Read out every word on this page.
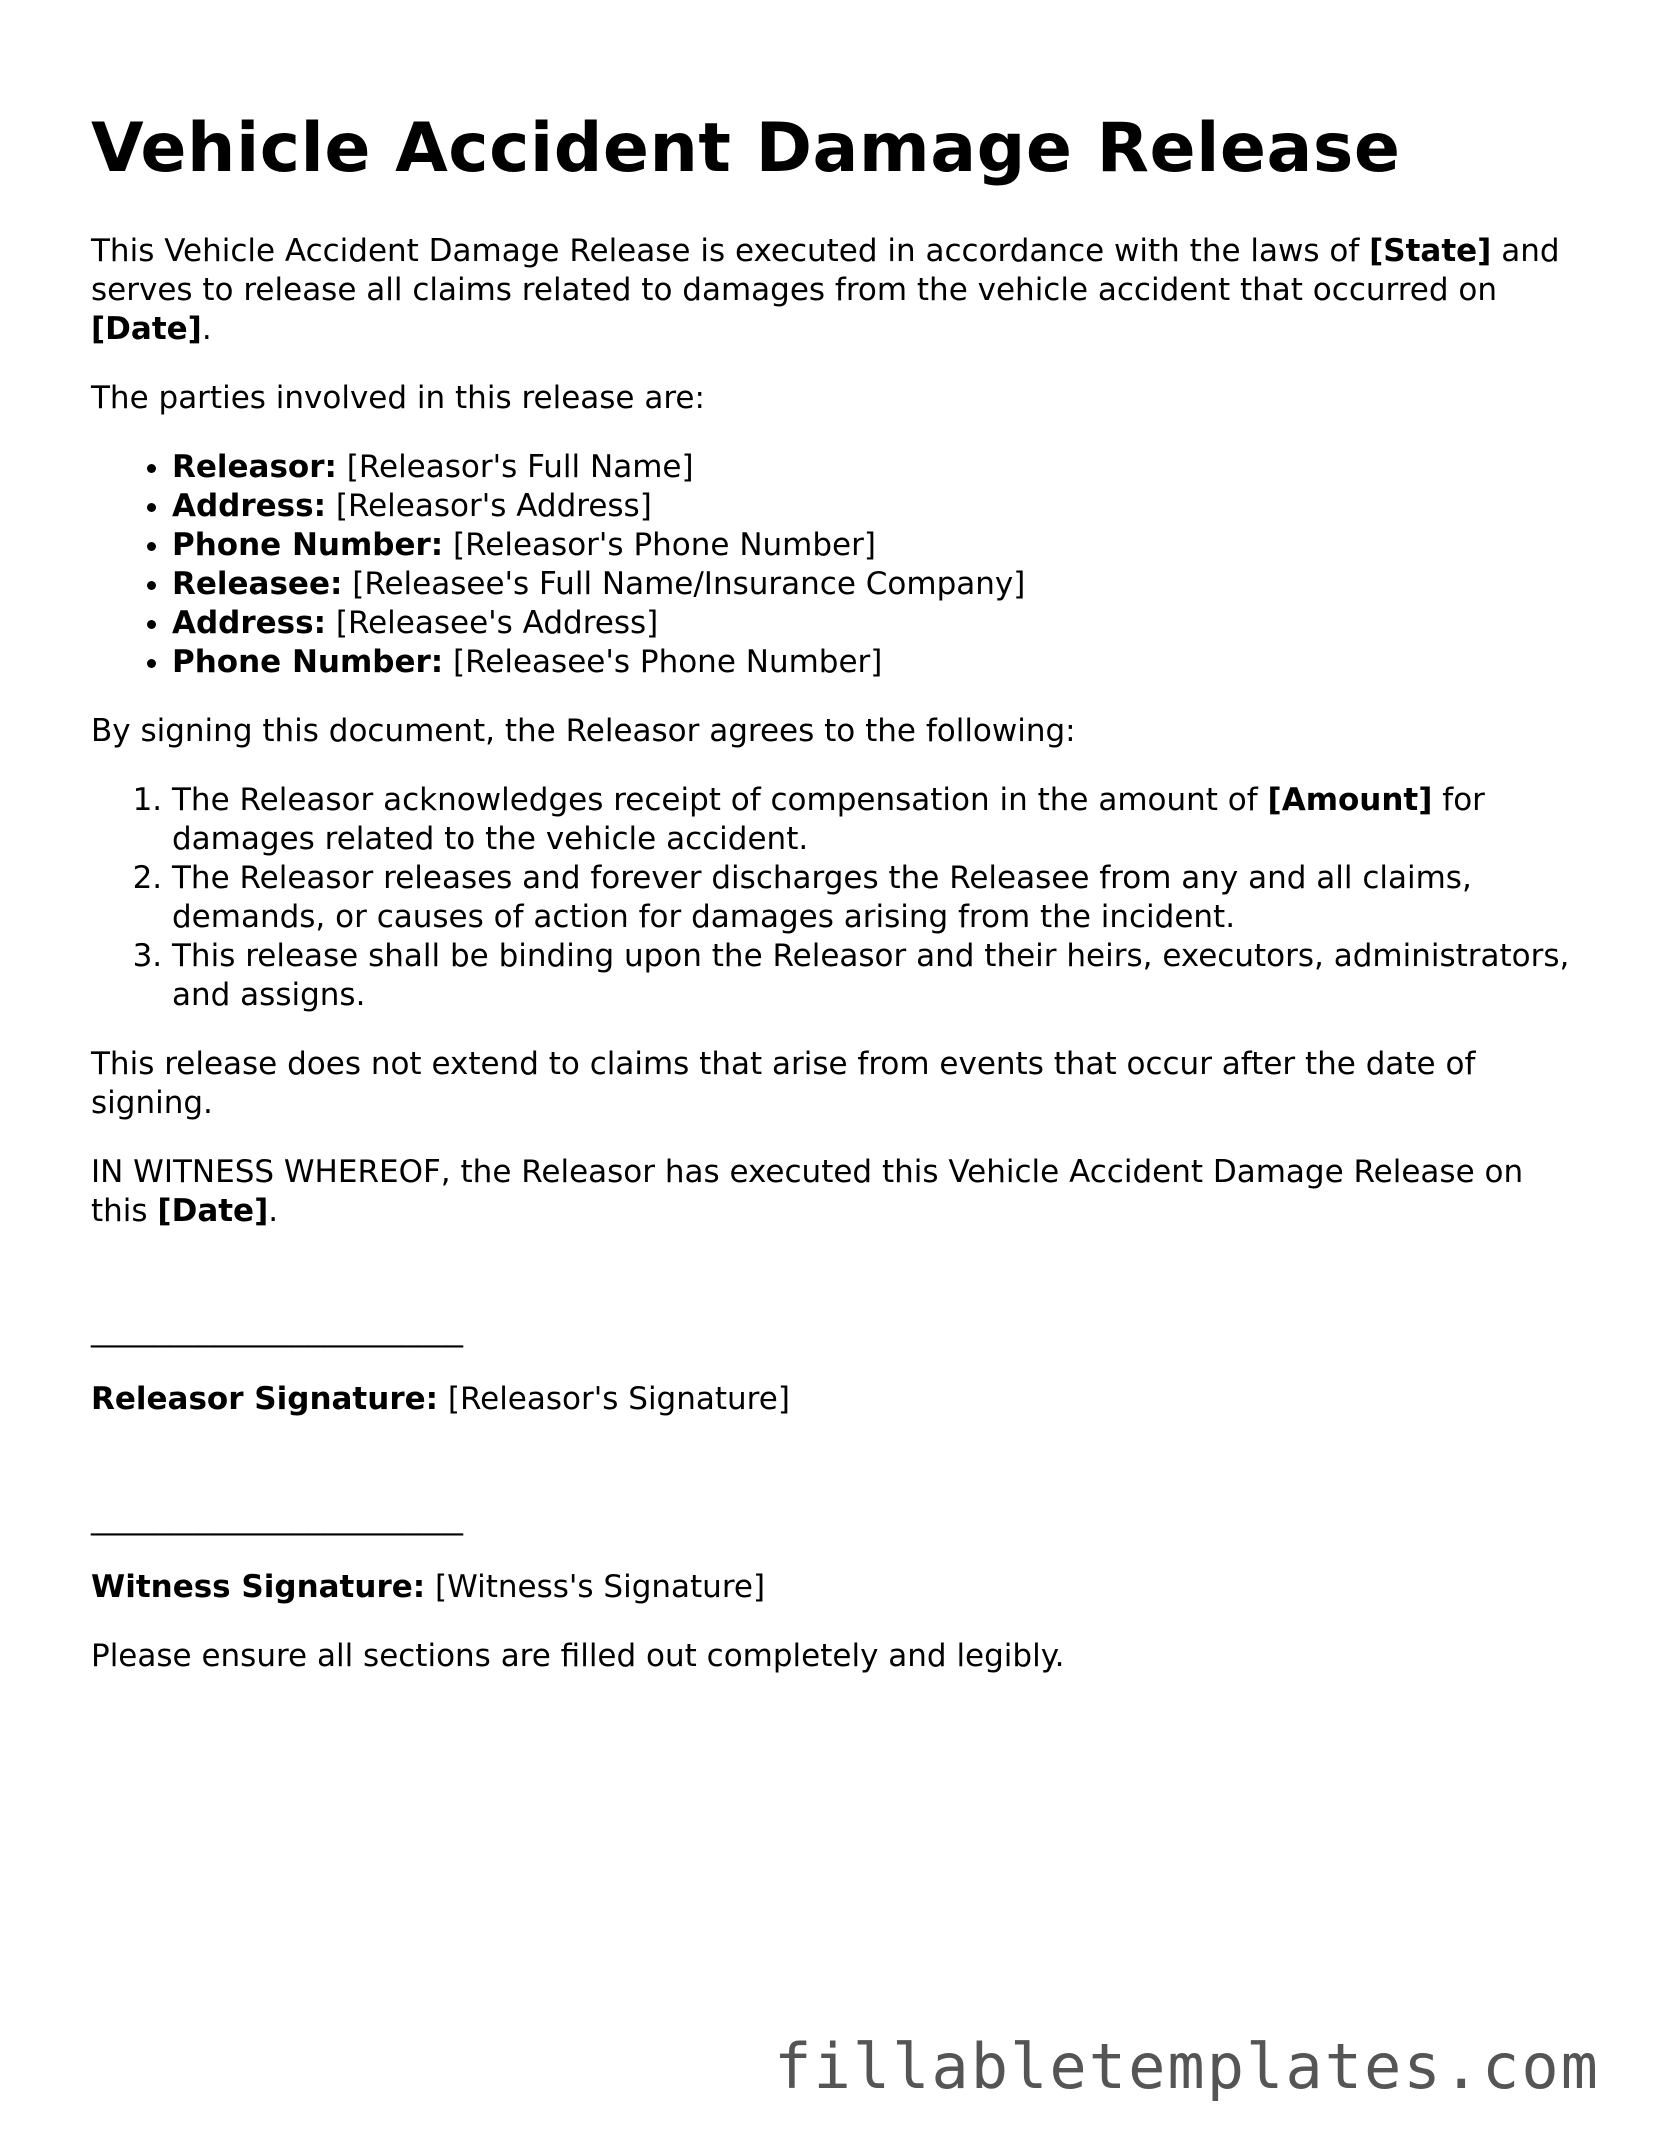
Vehicle Accident Damage Release

This Vehicle Accident Damage Release is executed in accordance with the laws of [State] and serves to release all claims related to damages from the vehicle accident that occurred on [Date].

The parties involved in this release are:

• Releasor: [Releasor's Full Name]
• Address: [Releasor's Address]
• Phone Number: [Releasor's Phone Number]
• Releasee: [Releasee's Full Name/Insurance Company]
• Address: [Releasee's Address]
• Phone Number: [Releasee's Phone Number]

By signing this document, the Releasor agrees to the following:

1. The Releasor acknowledges receipt of compensation in the amount of [Amount] for damages related to the vehicle accident.
2. The Releasor releases and forever discharges the Releasee from any and all claims, demands, or causes of action for damages arising from the incident.
3. This release shall be binding upon the Releasor and their heirs, executors, administrators, and assigns.

This release does not extend to claims that arise from events that occur after the date of signing.

IN WITNESS WHEREOF, the Releasor has executed this Vehicle Accident Damage Release on this [Date].

________________________

Releasor Signature: [Releasor's Signature]

________________________

Witness Signature: [Witness's Signature]

Please ensure all sections are filled out completely and legibly.

fillabletemplates.com
